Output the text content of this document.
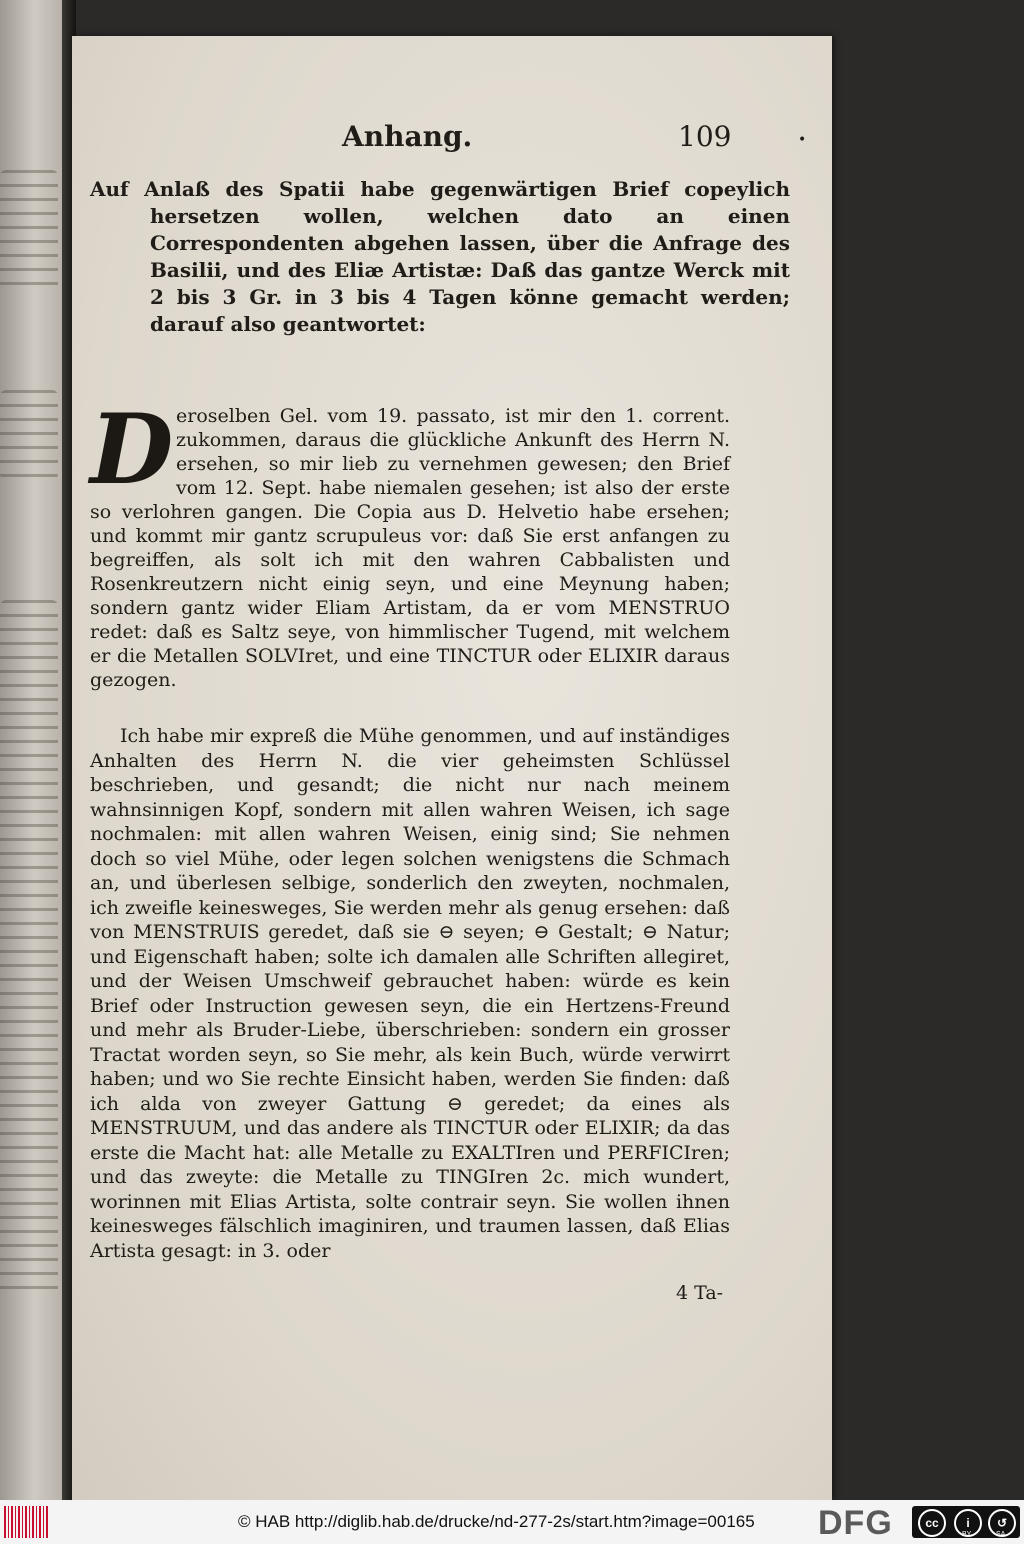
Anhang.	109	•
Auf Anlaß des Spatii habe gegenwärtigen Brief copeylich hersetzen wollen, welchen dato an einen Correspondenten abgehen lassen, über die Anfrage des Basilii, und des Eliæ Artistæ: Daß das gantze Werck mit 2 bis 3 Gr. in 3 bis 4 Tagen könne gemacht werden; darauf also geantwortet:
D eroselben Gel. vom 19. passato, ist mir den 1. corrent. zukommen, daraus die glückliche Ankunft des Herrn N. ersehen, so mir lieb zu vernehmen gewesen; den Brief vom 12. Sept. habe niemalen gesehen; ist also der erste so verlohren gangen. Die Copia aus D. Helvetio habe ersehen; und kommt mir gantz scrupuleus vor: daß Sie erst anfangen zu begreiffen, als solt ich mit den wahren Cabbalisten und Rosenkreutzern nicht einig seyn, und eine Meynung haben; sondern gantz wider Eliam Artistam, da er vom MENSTRUO redet: daß es Saltz seye, von himmlischer Tugend, mit welchem er die Metallen SOLVIret, und eine TINCTUR oder ELIXIR daraus gezogen.
Ich habe mir expreß die Mühe genommen, und auf inständiges Anhalten des Herrn N. die vier geheimsten Schlüssel beschrieben, und gesandt; die nicht nur nach meinem wahnsinnigen Kopf, sondern mit allen wahren Weisen, ich sage nochmalen: mit allen wahren Weisen, einig sind; Sie nehmen doch so viel Mühe, oder legen solchen wenigstens die Schmach an, und überlesen selbige, sonderlich den zweyten, nochmalen, ich zweifle keinesweges, Sie werden mehr als genug ersehen: daß von MENSTRUIS geredet, daß sie ⊖ seyen; ⊖ Gestalt; ⊖ Natur; und Eigenschaft haben; solte ich damalen alle Schriften allegiret, und der Weisen Umschweif gebrauchet haben: würde es kein Brief oder Instruction gewesen seyn, die ein Hertzens-Freund und mehr als Bruder-Liebe, überschrieben: sondern ein grosser Tractat worden seyn, so Sie mehr, als kein Buch, würde verwirrt haben; und wo Sie rechte Einsicht haben, werden Sie finden: daß ich alda von zweyer Gattung ⊖ geredet; da eines als MENSTRUUM, und das andere als TINCTUR oder ELIXIR; da das erste die Macht hat: alle Metalle zu EXALTIren und PERFICIren; und das zweyte: die Metalle zu TINGIren 2c. mich wundert, worinnen mit Elias Artista, solte contrair seyn. Sie wollen ihnen keinesweges fälschlich imaginiren, und traumen lassen, daß Elias Artista gesagt: in 3. oder
4 Ta-
© HAB http://diglib.hab.de/drucke/nd-277-2s/start.htm?image=00165 DFG	cc	i
BY
↺
SA
